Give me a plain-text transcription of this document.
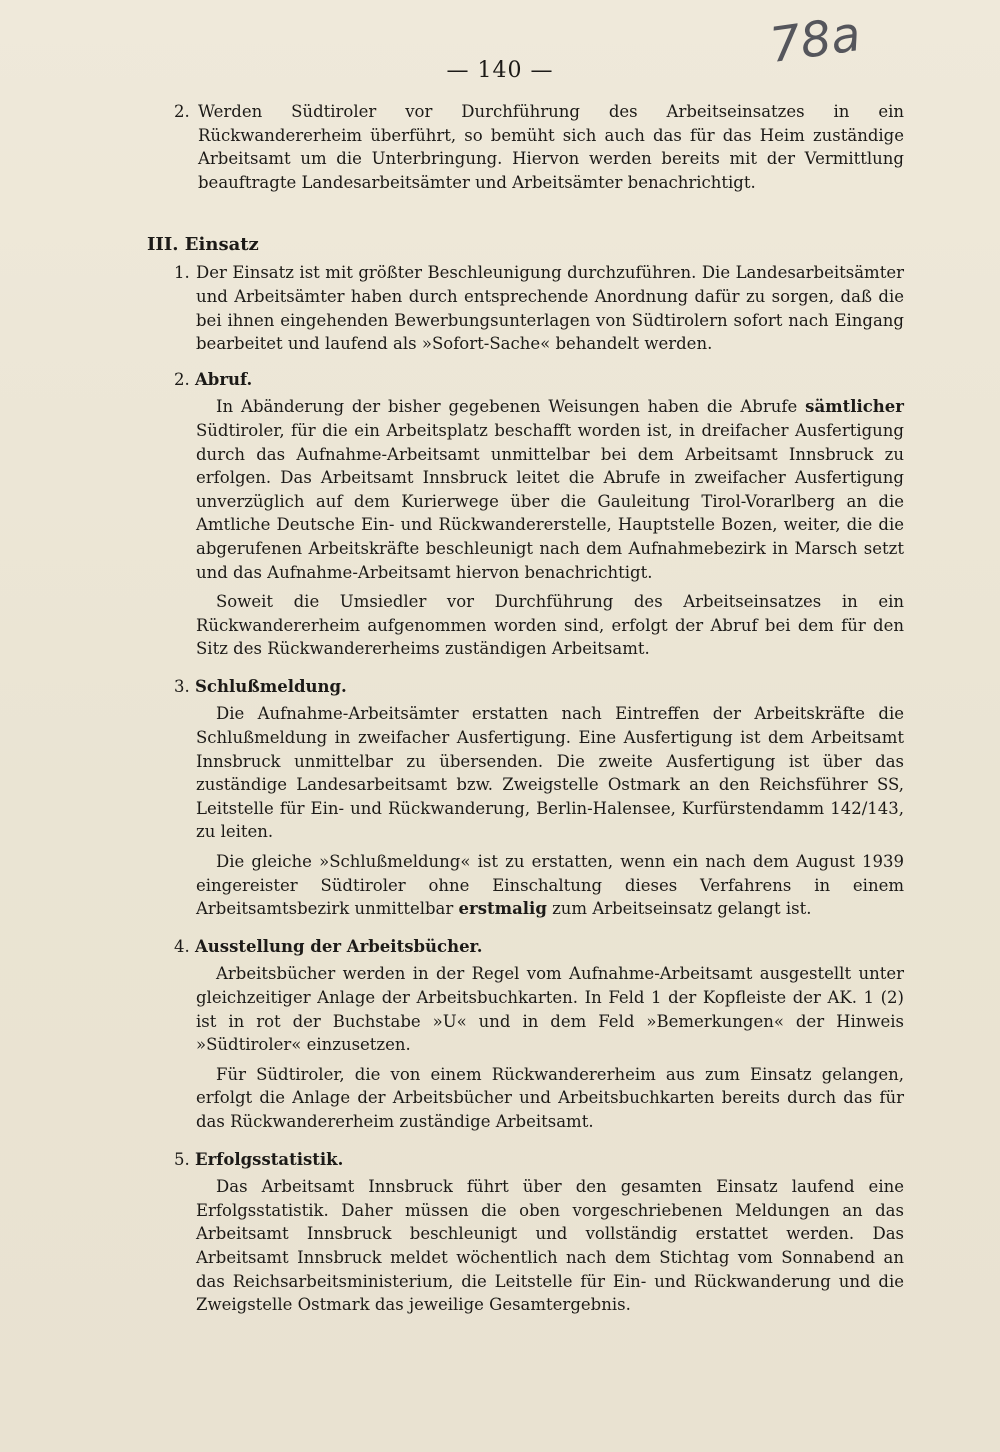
— 140 —	78a
2. Werden Südtiroler vor Durchführung des Arbeitseinsatzes in ein Rückwandererheim überführt, so bemüht sich auch das für das Heim zuständige Arbeitsamt um die Unterbringung. Hiervon werden bereits mit der Vermittlung beauftragte Landesarbeitsämter und Arbeitsämter benachrichtigt.

III. Einsatz
1. Der Einsatz ist mit größter Beschleunigung durchzuführen. Die Landesarbeitsämter und Arbeitsämter haben durch entsprechende Anordnung dafür zu sorgen, daß die bei ihnen eingehenden Bewerbungsunterlagen von Südtirolern sofort nach Eingang bearbeitet und laufend als »Sofort-Sache« behandelt werden.

2. Abruf.

In Abänderung der bisher gegebenen Weisungen haben die Abrufe sämtlicher Südtiroler, für die ein Arbeitsplatz beschafft worden ist, in dreifacher Ausfertigung durch das Aufnahme-Arbeitsamt unmittelbar bei dem Arbeitsamt Innsbruck zu erfolgen. Das Arbeitsamt Innsbruck leitet die Abrufe in zweifacher Ausfertigung unverzüglich auf dem Kurierwege über die Gauleitung Tirol-Vorarlberg an die Amtliche Deutsche Ein- und Rückwandererstelle, Hauptstelle Bozen, weiter, die die abgerufenen Arbeitskräfte beschleunigt nach dem Aufnahmebezirk in Marsch setzt und das Aufnahme-Arbeitsamt hiervon benachrichtigt.

Soweit die Umsiedler vor Durchführung des Arbeitseinsatzes in ein Rückwandererheim aufgenommen worden sind, erfolgt der Abruf bei dem für den Sitz des Rückwandererheims zuständigen Arbeitsamt.

3. Schlußmeldung.

Die Aufnahme-Arbeitsämter erstatten nach Eintreffen der Arbeitskräfte die Schlußmeldung in zweifacher Ausfertigung. Eine Ausfertigung ist dem Arbeitsamt Innsbruck unmittelbar zu übersenden. Die zweite Ausfertigung ist über das zuständige Landesarbeitsamt bzw. Zweigstelle Ostmark an den Reichsführer SS, Leitstelle für Ein- und Rückwanderung, Berlin-Halensee, Kurfürstendamm 142/143, zu leiten.

Die gleiche »Schlußmeldung« ist zu erstatten, wenn ein nach dem August 1939 eingereister Südtiroler ohne Einschaltung dieses Verfahrens in einem Arbeitsamtsbezirk unmittelbar erstmalig zum Arbeitseinsatz gelangt ist.

4. Ausstellung der Arbeitsbücher.

Arbeitsbücher werden in der Regel vom Aufnahme-Arbeitsamt ausgestellt unter gleichzeitiger Anlage der Arbeitsbuchkarten. In Feld 1 der Kopfleiste der AK. 1 (2) ist in rot der Buchstabe »U« und in dem Feld »Bemerkungen« der Hinweis »Südtiroler« einzusetzen.

Für Südtiroler, die von einem Rückwandererheim aus zum Einsatz gelangen, erfolgt die Anlage der Arbeitsbücher und Arbeitsbuchkarten bereits durch das für das Rückwandererheim zuständige Arbeitsamt.

5. Erfolgsstatistik.

Das Arbeitsamt Innsbruck führt über den gesamten Einsatz laufend eine Erfolgsstatistik. Daher müssen die oben vorgeschriebenen Meldungen an das Arbeitsamt Innsbruck beschleunigt und vollständig erstattet werden. Das Arbeitsamt Innsbruck meldet wöchentlich nach dem Stichtag vom Sonnabend an das Reichsarbeitsministerium, die Leitstelle für Ein- und Rückwanderung und die Zweigstelle Ostmark das jeweilige Gesamtergebnis.
